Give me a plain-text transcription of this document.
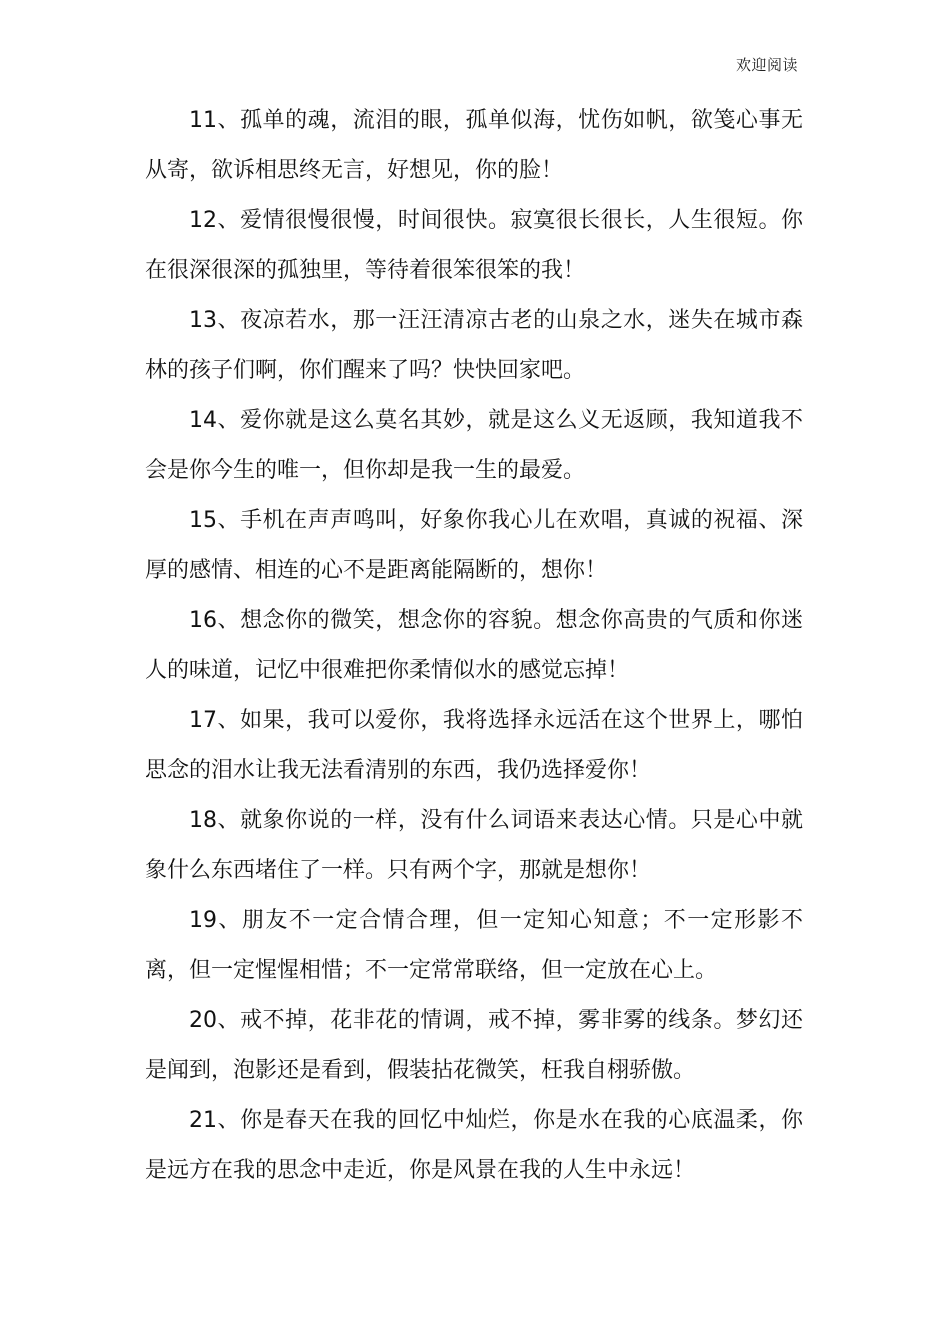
欢迎阅读

11、孤单的魂，流泪的眼，孤单似海，忧伤如帆，欲笺心事无从寄，欲诉相思终无言，好想见，你的脸！

12、爱情很慢很慢，时间很快。寂寞很长很长，人生很短。你在很深很深的孤独里，等待着很笨很笨的我！

13、夜凉若水，那一汪汪清凉古老的山泉之水，迷失在城市森林的孩子们啊，你们醒来了吗？快快回家吧。

14、爱你就是这么莫名其妙，就是这么义无返顾，我知道我不会是你今生的唯一，但你却是我一生的最爱。

15、手机在声声鸣叫，好象你我心儿在欢唱，真诚的祝福、深厚的感情、相连的心不是距离能隔断的，想你！

16、想念你的微笑，想念你的容貌。想念你高贵的气质和你迷人的味道，记忆中很难把你柔情似水的感觉忘掉！

17、如果，我可以爱你，我将选择永远活在这个世界上，哪怕思念的泪水让我无法看清别的东西，我仍选择爱你！

18、就象你说的一样，没有什么词语来表达心情。只是心中就象什么东西堵住了一样。只有两个字，那就是想你！

19、朋友不一定合情合理，但一定知心知意；不一定形影不离，但一定惺惺相惜；不一定常常联络，但一定放在心上。

20、戒不掉，花非花的情调，戒不掉，雾非雾的线条。梦幻还是闻到，泡影还是看到，假装拈花微笑，枉我自栩骄傲。

21、你是春天在我的回忆中灿烂，你是水在我的心底温柔，你是远方在我的思念中走近，你是风景在我的人生中永远！
